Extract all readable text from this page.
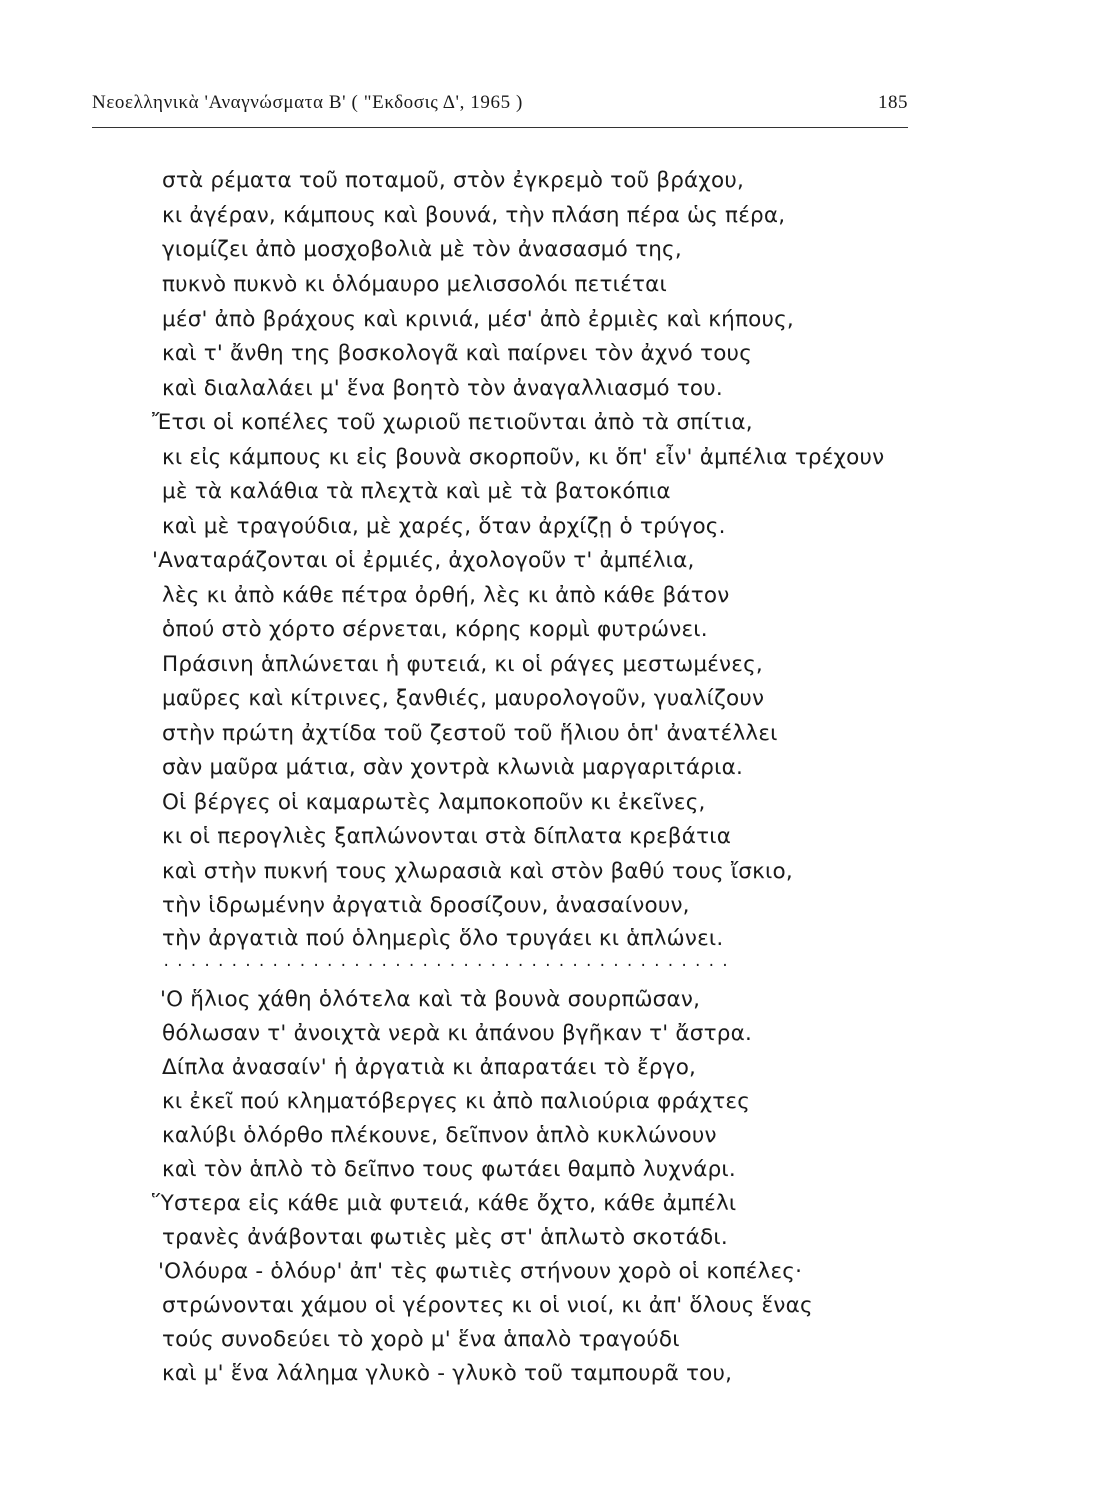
Νεοελληνικὰ 'Αναγνώσματα Β' ( "Εκδοσις Δ', 1965 )	185
στὰ ρέματα τοῦ ποταμοῦ, στὸν ἐγκρεμὸ τοῦ βράχου,
κι ἀγέραν, κάμπους καὶ βουνά, τὴν πλάση πέρα ὡς πέρα,
γιομίζει ἀπὸ μοσχοβολιὰ μὲ τὸν ἀνασασμό της,
πυκνὸ πυκνὸ κι ὁλόμαυρο μελισσολόι πετιέται
μέσ' ἀπὸ βράχους καὶ κρινιά, μέσ' ἀπὸ ἐρμιὲς καὶ κήπους,
καὶ τ' ἄνθη της βοσκολογᾶ καὶ παίρνει τὸν ἀχνό τους
καὶ διαλαλάει μ' ἕνα βοητὸ τὸν ἀναγαλλιασμό του.
Ἔτσι οἱ κοπέλες τοῦ χωριοῦ πετιοῦνται ἀπὸ τὰ σπίτια,
κι εἰς κάμπους κι εἰς βουνὰ σκορποῦν, κι ὅπ' εἶν' ἀμπέλια τρέχουν
μὲ τὰ καλάθια τὰ πλεχτὰ καὶ μὲ τὰ βατοκόπια
καὶ μὲ τραγούδια, μὲ χαρές, ὅταν ἀρχίζῃ ὁ τρύγος.
'Αναταράζονται οἱ ἐρμιές, ἀχολογοῦν τ' ἀμπέλια,
λὲς κι ἀπὸ κάθε πέτρα ὀρθή, λὲς κι ἀπὸ κάθε βάτον
ὁπού στὸ χόρτο σέρνεται, κόρης κορμὶ φυτρώνει.
Πράσινη ἁπλώνεται ἡ φυτειά, κι οἱ ράγες μεστωμένες,
μαῦρες καὶ κίτρινες, ξανθιές, μαυρολογοῦν, γυαλίζουν
στὴν πρώτη ἀχτίδα τοῦ ζεστοῦ τοῦ ἥλιου ὁπ' ἀνατέλλει
σὰν μαῦρα μάτια, σὰν χοντρὰ κλωνιὰ μαργαριτάρια.
Οἱ βέργες οἱ καμαρωτὲς λαμποκοποῦν κι ἐκεῖνες,
κι οἱ περογλιὲς ξαπλώνονται στὰ δίπλατα κρεβάτια
καὶ στὴν πυκνή τους χλωρασιὰ καὶ στὸν βαθύ τους ἴσκιο,
τὴν ἱδρωμένην ἀργατιὰ δροσίζουν, ἀνασαίνουν,
τὴν ἀργατιὰ πού ὁλημερὶς ὅλο τρυγάει κι ἁπλώνει.
..........................................
'Ο ἥλιος χάθη ὁλότελα καὶ τὰ βουνὰ σουρπῶσαν,
θόλωσαν τ' ἀνοιχτὰ νερὰ κι ἀπάνου βγῆκαν τ' ἄστρα.
Δίπλα ἀνασαίν' ἡ ἀργατιὰ κι ἀπαρατάει τὸ ἔργο,
κι ἐκεῖ πού κληματόβεργες κι ἀπὸ παλιούρια φράχτες
καλύβι ὁλόρθο πλέκουνε, δεῖπνον ἁπλὸ κυκλώνουν
καὶ τὸν ἁπλὸ τὸ δεῖπνο τους φωτάει θαμπὸ λυχνάρι.
Ὕστερα εἰς κάθε μιὰ φυτειά, κάθε ὄχτο, κάθε ἀμπέλι
τρανὲς ἀνάβονται φωτιὲς μὲς στ' ἁπλωτὸ σκοτάδι.
'Ολόυρα - ὁλόυρ' ἀπ' τὲς φωτιὲς στήνουν χορὸ οἱ κοπέλες·
στρώνονται χάμου οἱ γέροντες κι οἱ νιοί, κι ἀπ' ὅλους ἕνας
τούς συνοδεύει τὸ χορὸ μ' ἕνα ἁπαλὸ τραγούδι
καὶ μ' ἕνα λάλημα γλυκὸ - γλυκὸ τοῦ ταμπουρᾶ του,
